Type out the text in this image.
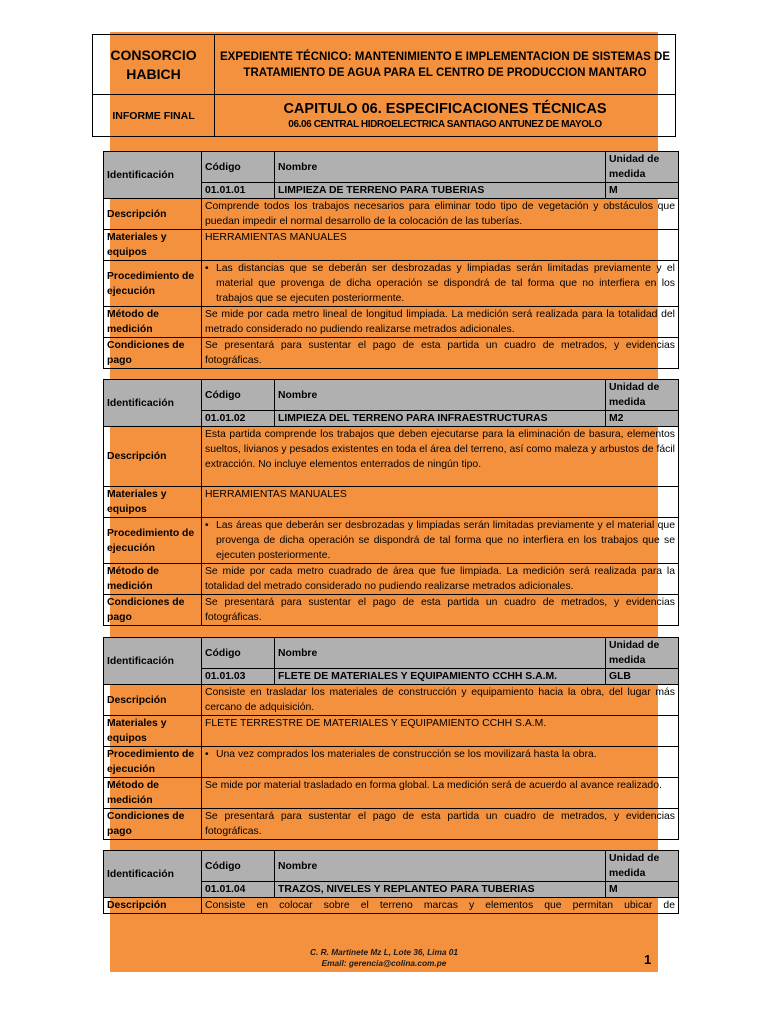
CONSORCIO HABICH	EXPEDIENTE TÉCNICO: MANTENIMIENTO E IMPLEMENTACION DE SISTEMAS DE TRATAMIENTO DE AGUA PARA EL CENTRO DE PRODUCCION MANTARO
INFORME FINAL	CAPITULO 06. ESPECIFICACIONES TÉCNICAS
06.06 CENTRAL HIDROELECTRICA SANTIAGO ANTUNEZ DE MAYOLO
Identificación	Código	Nombre	Unidad de medida
	01.01.01	LIMPIEZA DE TERRENO PARA TUBERIAS	M
Descripción	Comprende todos los trabajos necesarios para eliminar todo tipo de vegetación y obstáculos que puedan impedir el normal desarrollo de la colocación de las tuberías.		
Materiales y equipos	HERRAMIENTAS MANUALES		
Procedimiento de ejecución	• Las distancias que se deberán ser desbrozadas y limpiadas serán limitadas previamente y el material que provenga de dicha operación se dispondrá de tal forma que no interfiera en los trabajos que se ejecuten posteriormente.		

Método de medición	Se mide por cada metro lineal de longitud limpiada. La medición será realizada para la totalidad del metrado considerado no pudiendo realizarse metrados adicionales.		
Condiciones de pago	Se presentará para sustentar el pago de esta partida un cuadro de metrados, y evidencias fotográficas.		
Identificación	Código	Nombre	Unidad de medida
	01.01.02	LIMPIEZA DEL TERRENO PARA INFRAESTRUCTURAS	M2
Descripción	Esta partida comprende los trabajos que deben ejecutarse para la eliminación de basura, elementos sueltos, livianos y pesados existentes en toda el área del terreno, así como maleza y arbustos de fácil extracción. No incluye elementos enterrados de ningún tipo.		
Materiales y equipos	HERRAMIENTAS MANUALES		
Procedimiento de ejecución	• Las áreas que deberán ser desbrozadas y limpiadas serán limitadas previamente y el material que provenga de dicha operación se dispondrá de tal forma que no interfiera en los trabajos que se ejecuten posteriormente.		

Método de medición	Se mide por cada metro cuadrado de área que fue limpiada. La medición será realizada para la totalidad del metrado considerado no pudiendo realizarse metrados adicionales.		
Condiciones de pago	Se presentará para sustentar el pago de esta partida un cuadro de metrados, y evidencias fotográficas.		
Identificación	Código	Nombre	Unidad de medida
	01.01.03	FLETE DE MATERIALES Y EQUIPAMIENTO CCHH S.A.M.	GLB
Descripción	Consiste en trasladar los materiales de construcción y equipamiento hacia la obra, del lugar más cercano de adquisición.		
Materiales y equipos	FLETE TERRESTRE DE MATERIALES Y EQUIPAMIENTO CCHH S.A.M.		
Procedimiento de ejecución	• Una vez comprados los materiales de construcción se los movilizará hasta la obra.		

Método de medición	Se mide por material trasladado en forma global. La medición será de acuerdo al avance realizado.		
Condiciones de pago	Se presentará para sustentar el pago de esta partida un cuadro de metrados, y evidencias fotográficas.		
Identificación	Código	Nombre	Unidad de medida
	01.01.04	TRAZOS, NIVELES Y REPLANTEO PARA TUBERIAS	M
Descripción	Consiste en colocar sobre el terreno marcas y elementos que permitan ubicar de		
C. R. Martinete Mz L, Lote 36, Lima 01
Email: gerencia@colina.com.pe	1
